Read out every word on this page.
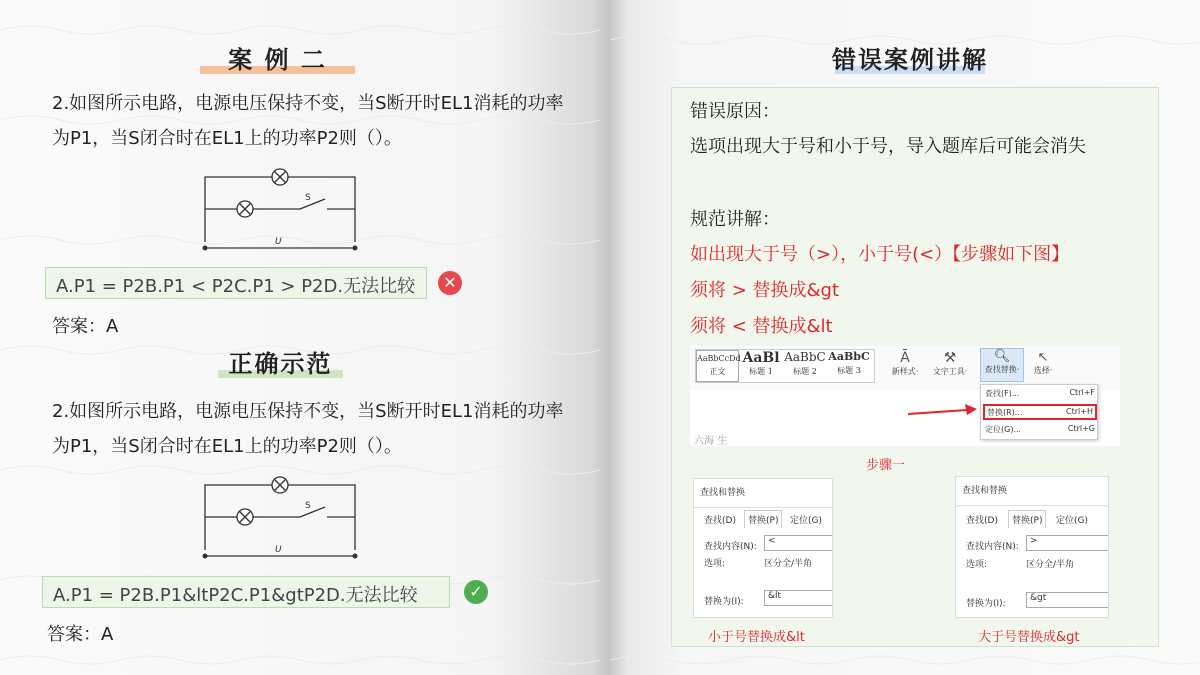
案 例 二
2.如图所示电路，电源电压保持不变，当S断开时EL1消耗的功率为P1，当S闭合时在EL1上的功率P2则（）。
S
U
A.P1 = P2B.P1 < P2C.P1 > P2D.无法比较	✕
答案：A
正确示范
2.如图所示电路，电源电压保持不变，当S断开时EL1消耗的功率为P1，当S闭合时在EL1上的功率P2则（）。
S
U
A.P1 = P2B.P1&ltP2C.P1&gtP2D.无法比较	✓
答案：A
错误案例讲解
错误原因：
选项出现大于号和小于号，导入题库后可能会消失
规范讲解：
如出现大于号（>），小于号(<）【步骤如下图】
须将 > 替换成&gt
须将 < 替换成&lt
AaBbCcDd
正文
AaBl
标题 1
AaBbC
标题 2
AaBbC
标题 3
Ā
新样式·
⚒
文字工具·
🔍︎
查找替换·
↖
选择·
六海 生
查找(F)...	Ctrl+F
替换(R)...	Ctrl+H
定位(G)...	Ctrl+G
步骤一
查找和替换
查找(D)	替换(P)	定位(G)
查找内容(N):
<
选项:	区分全/半角
替换为(I):
&lt
小于号替换成&lt
查找和替换
查找(D)	替换(P)	定位(G)
查找内容(N):
>
选项:	区分全/半角
替换为(I):
&gt
大于号替换成&gt
